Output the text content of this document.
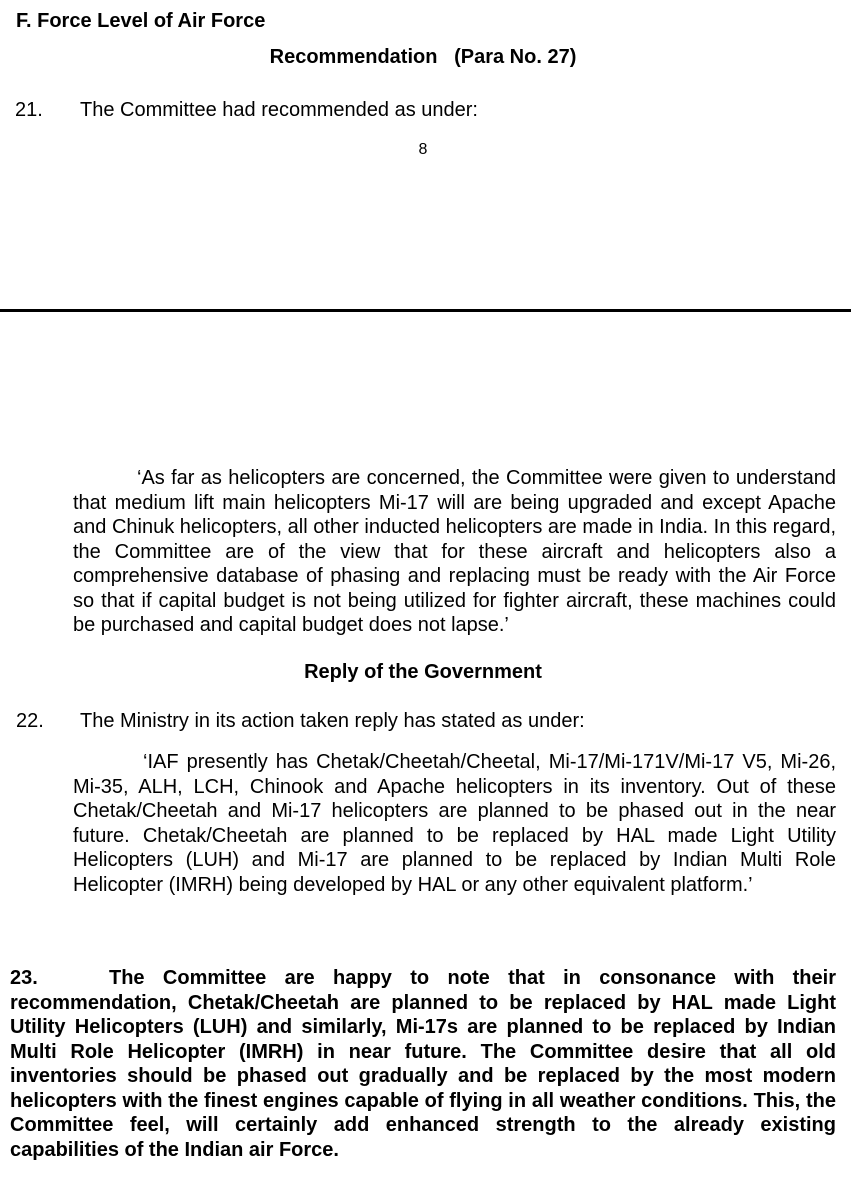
F. Force Level of Air Force
Recommendation   (Para No. 27)
21. The Committee had recommended as under:
8

‘As far as helicopters are concerned, the Committee were given to understand that medium lift main helicopters Mi-17 will are being upgraded and except Apache and Chinuk helicopters, all other inducted helicopters are made in India. In this regard, the Committee are of the view that for these aircraft and helicopters also a comprehensive database of phasing and replacing must be ready with the Air Force so that if capital budget is not being utilized for fighter aircraft, these machines could be purchased and capital budget does not lapse.’

Reply of the Government
22. The Ministry in its action taken reply has stated as under:

‘IAF presently has Chetak/Cheetah/Cheetal, Mi-17/Mi-171V/Mi-17 V5, Mi-26, Mi-35, ALH, LCH, Chinook and Apache helicopters in its inventory. Out of these Chetak/Cheetah and Mi-17 helicopters are planned to be phased out in the near future. Chetak/Cheetah are planned to be replaced by HAL made Light Utility Helicopters (LUH) and Mi-17 are planned to be replaced by Indian Multi Role Helicopter (IMRH) being developed by HAL or any other equivalent platform.’

23.	The Committee are happy to note that in consonance with their recommendation, Chetak/Cheetah are planned to be replaced by HAL made Light Utility Helicopters (LUH) and similarly, Mi-17s are planned to be replaced by Indian Multi Role Helicopter (IMRH) in near future. The Committee desire that all old inventories should be phased out gradually and be replaced by the most modern helicopters with the finest engines capable of flying in all weather conditions. This, the Committee feel, will certainly add enhanced strength to the already existing capabilities of the Indian air Force.
